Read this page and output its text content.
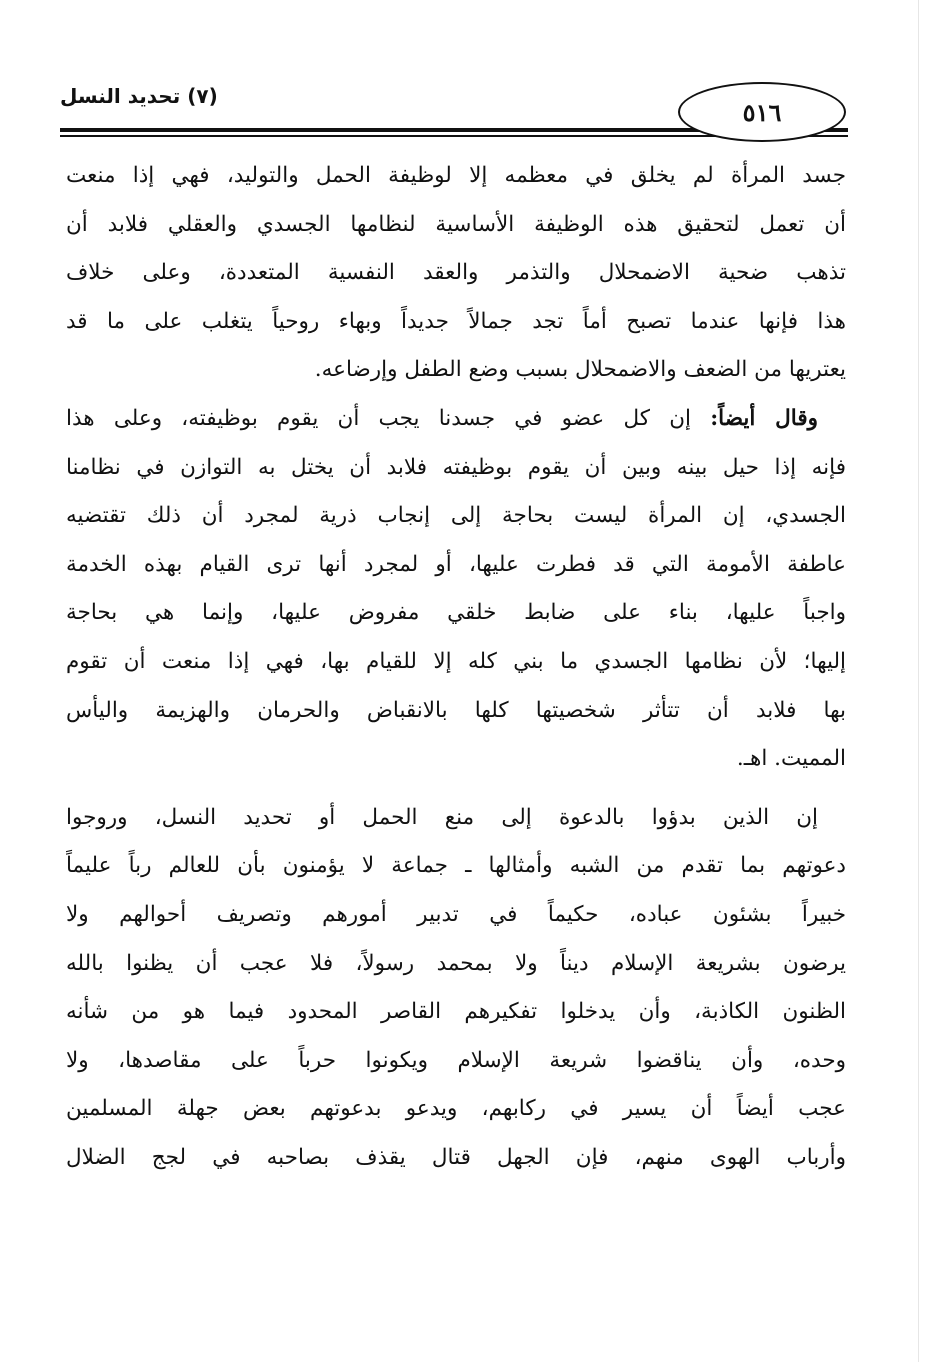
٥١٦
(٧) تحديد النسل
جسد المرأة لم يخلق في معظمه إلا لوظيفة الحمل والتوليد، فهي إذا منعت
أن تعمل لتحقيق هذه الوظيفة الأساسية لنظامها الجسدي والعقلي فلابد أن
تذهب ضحية الاضمحلال والتذمر والعقد النفسية المتعددة، وعلى خلاف
هذا فإنها عندما تصبح أماً تجد جمالاً جديداً وبهاء روحياً يتغلب على ما قد
يعتريها من الضعف والاضمحلال بسبب وضع الطفل وإرضاعه.
وقال أيضاً: إن كل عضو في جسدنا يجب أن يقوم بوظيفته، وعلى هذا
فإنه إذا حيل بينه وبين أن يقوم بوظيفته فلابد أن يختل به التوازن في نظامنا
الجسدي، إن المرأة ليست بحاجة إلى إنجاب ذرية لمجرد أن ذلك تقتضيه
عاطفة الأمومة التي قد فطرت عليها، أو لمجرد أنها ترى القيام بهذه الخدمة
واجباً عليها، بناء على ضابط خلقي مفروض عليها، وإنما هي بحاجة
إليها؛ لأن نظامها الجسدي ما بني كله إلا للقيام بها، فهي إذا منعت أن تقوم
بها فلابد أن تتأثر شخصيتها كلها بالانقباض والحرمان والهزيمة واليأس
المميت. اهـ.
إن الذين بدؤوا بالدعوة إلى منع الحمل أو تحديد النسل، وروجوا
دعوتهم بما تقدم من الشبه وأمثالها ـ جماعة لا يؤمنون بأن للعالم رباً عليماً
خبيراً بشئون عباده، حكيماً في تدبير أمورهم وتصريف أحوالهم ولا
يرضون بشريعة الإسلام ديناً ولا بمحمد رسولاً، فلا عجب أن يظنوا بالله
الظنون الكاذبة، وأن يدخلوا تفكيرهم القاصر المحدود فيما هو من شأنه
وحده، وأن يناقضوا شريعة الإسلام ويكونوا حرباً على مقاصدها، ولا
عجب أيضاً أن يسير في ركابهم، ويدعو بدعوتهم بعض جهلة المسلمين
وأرباب الهوى منهم، فإن الجهل قتال يقذف بصاحبه في لجج الضلال
